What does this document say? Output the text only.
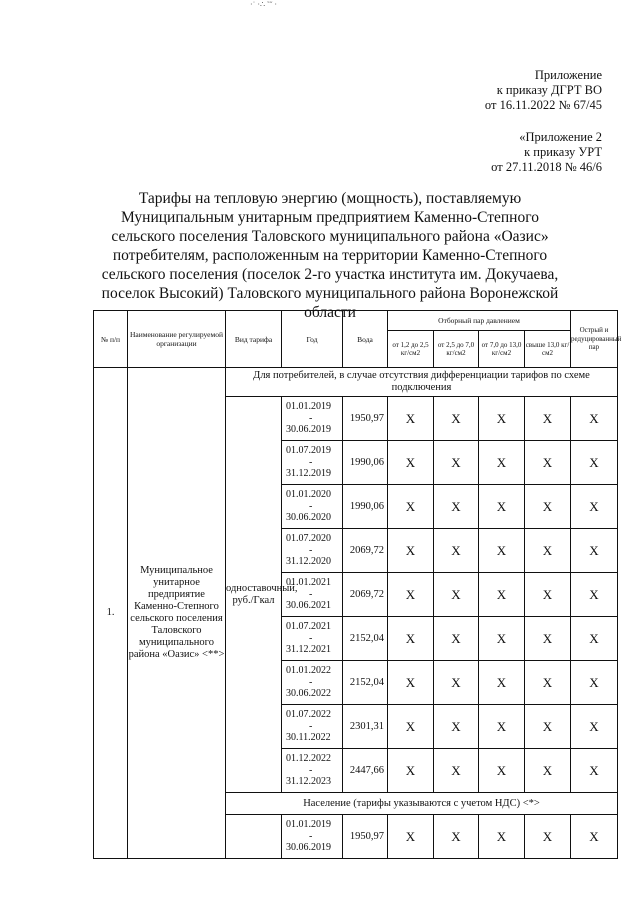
·˙ ·∴ ˜˘ ·
Приложение
к приказу ДГРТ ВО
от 16.11.2022 № 67/45
«Приложение 2
к приказу УРТ
от 27.11.2018 № 46/6
Тарифы на тепловую энергию (мощность), поставляемую Муниципальным унитарным предприятием Каменно-Степного сельского поселения Таловского муниципального района «Оазис» потребителям, расположенным на территории Каменно-Степного сельского поселения (поселок 2-го участка института им. Докучаева, поселок Высокий) Таловского муниципального района Воронежской области
№ п/п	Наименование регулируемой организации	Вид тарифа	Год	Вода	Отборный пар давлением				Острый и редуцированный пар
					от 1,2 до 2,5 кг/см2	от 2,5 до 7,0 кг/см2	от 7,0 до 13,0 кг/см2	свыше 13,0 кг/см2	
1.	Муниципальное унитарное предприятие Каменно-Степного сельского поселения Таловского муниципального района «Оазис» <**>	Для потребителей, в случае отсутствия дифференциации тарифов по схеме подключения							
		одноставочный, руб./Гкал	01.01.2019
-
30.06.2019	1950,97	X	X	X	X	X

			01.07.2019
-
31.12.2019	1990,06	X	X	X	X	X

			01.01.2020
-
30.06.2020	1990,06	X	X	X	X	X

			01.07.2020
-
31.12.2020	2069,72	X	X	X	X	X

			01.01.2021
-
30.06.2021	2069,72	X	X	X	X	X

			01.07.2021
-
31.12.2021	2152,04	X	X	X	X	X

			01.01.2022
-
30.06.2022	2152,04	X	X	X	X	X

			01.07.2022
-
30.11.2022	2301,31	X	X	X	X	X

			01.12.2022
-
31.12.2023	2447,66	X	X	X	X	X
		Население (тарифы указываются с учетом НДС) <*>							

			01.01.2019
-
30.06.2019	1950,97	X	X	X	X	X
